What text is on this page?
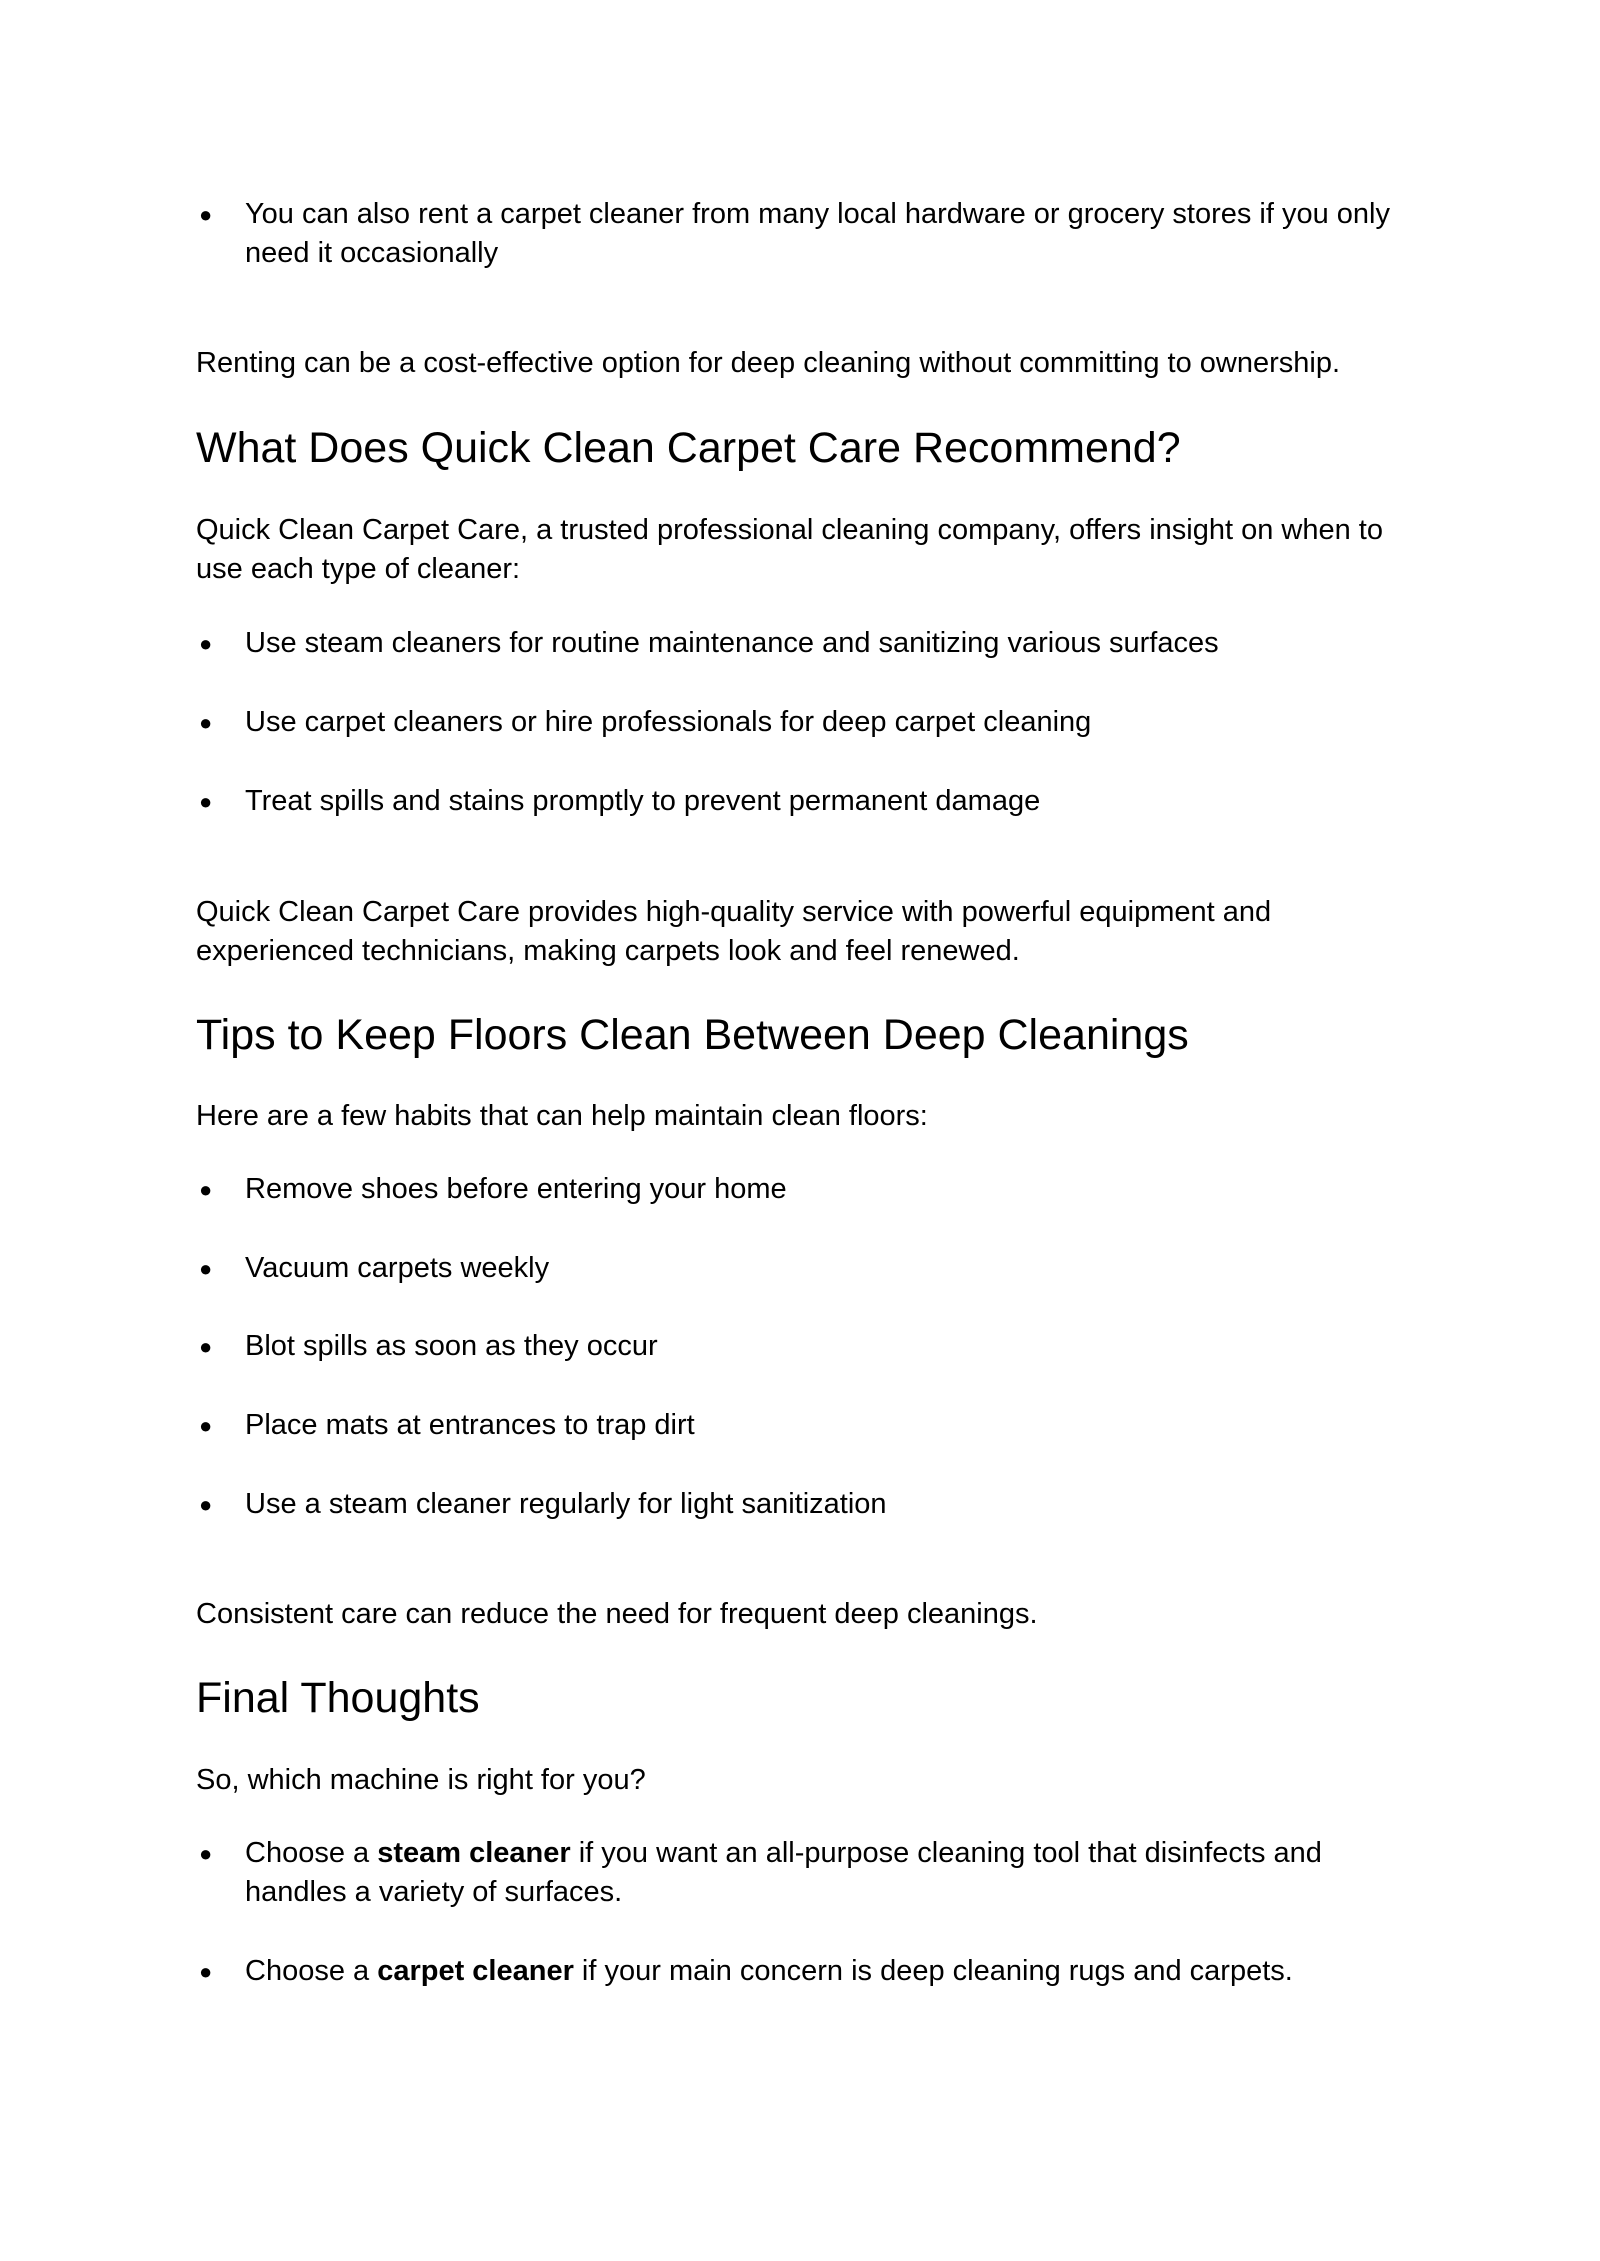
● You can also rent a carpet cleaner from many local hardware or grocery stores if you only need it occasionally

Renting can be a cost-effective option for deep cleaning without committing to ownership.

What Does Quick Clean Carpet Care Recommend?

Quick Clean Carpet Care, a trusted professional cleaning company, offers insight on when to use each type of cleaner:

● Use steam cleaners for routine maintenance and sanitizing various surfaces
● Use carpet cleaners or hire professionals for deep carpet cleaning
● Treat spills and stains promptly to prevent permanent damage

Quick Clean Carpet Care provides high-quality service with powerful equipment and experienced technicians, making carpets look and feel renewed.

Tips to Keep Floors Clean Between Deep Cleanings

Here are a few habits that can help maintain clean floors:

● Remove shoes before entering your home
● Vacuum carpets weekly
● Blot spills as soon as they occur
● Place mats at entrances to trap dirt
● Use a steam cleaner regularly for light sanitization

Consistent care can reduce the need for frequent deep cleanings.

Final Thoughts

So, which machine is right for you?

● Choose a steam cleaner if you want an all-purpose cleaning tool that disinfects and handles a variety of surfaces.
● Choose a carpet cleaner if your main concern is deep cleaning rugs and carpets.
